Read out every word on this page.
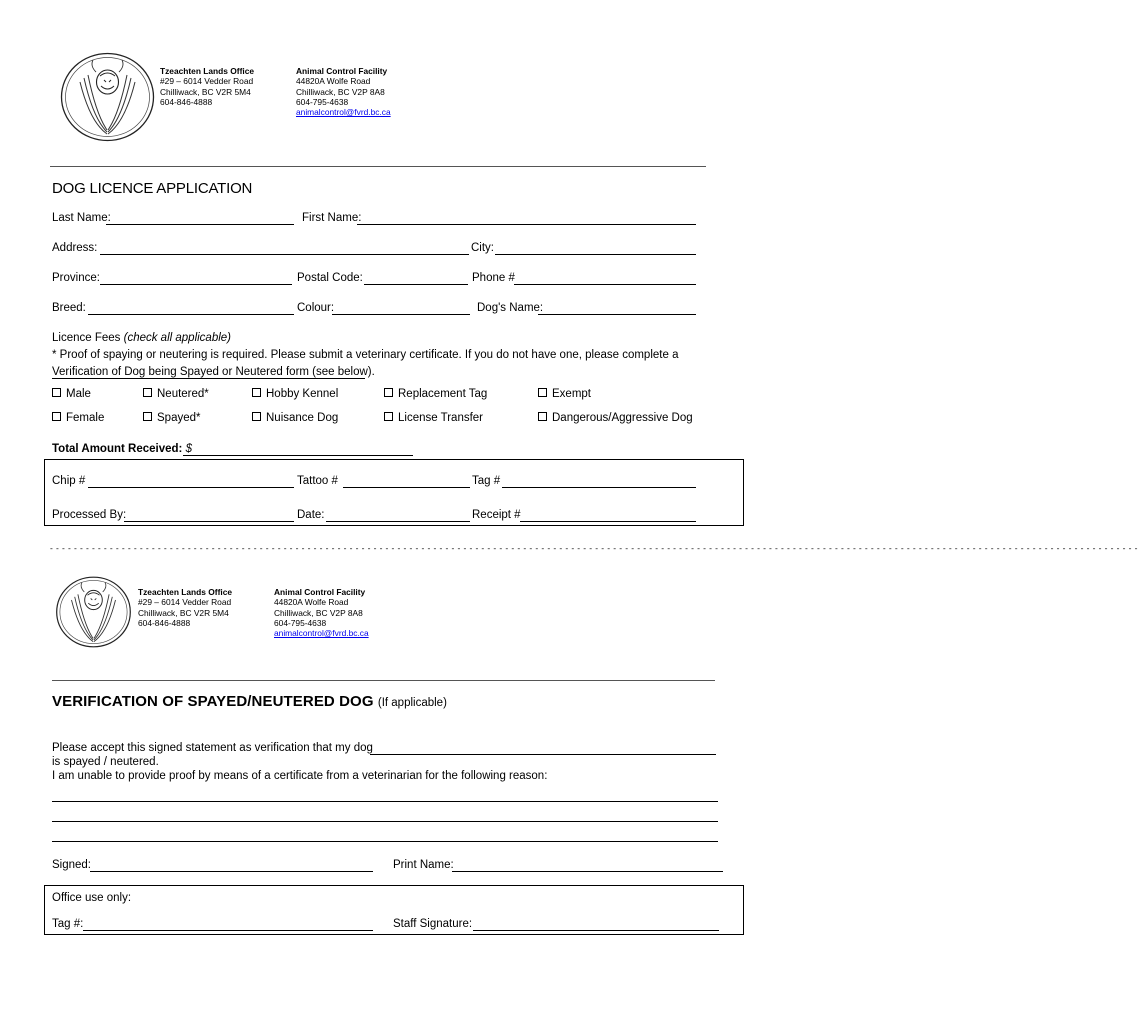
Tzeachten Lands Office
#29 – 6014 Vedder Road
Chilliwack, BC V2R 5M4
604-846-4888
Animal Control Facility
44820A Wolfe Road
Chilliwack, BC V2P 8A8
604-795-4638
animalcontrol@fvrd.bc.ca
DOG LICENCE APPLICATION
Last Name:	First Name:
Address:	City:
Province:	Postal Code:	Phone #
Breed:	Colour:	Dog's Name:
Licence Fees (check all applicable)
* Proof of spaying or neutering is required. Please submit a veterinary certificate. If you do not have one, please complete a
Verification of Dog being Spayed or Neutered form (see below).
Male	Neutered*	Hobby Kennel	Replacement Tag	Exempt
Female	Spayed*	Nuisance Dog	License Transfer	Dangerous/Aggressive Dog
Total Amount Received: $
Chip #	Tattoo #	Tag #
Processed By:	Date:	Receipt #
- - - - - - - - - - - - - - - - - - - - - - - - - - - - - - - - - - - - - - - - - - - - - - - - - - - - - - - - - - - - - - - - - - - - - - - - - - - - - - - - - - - - - - - - - - - - - - - - - - - - - - - - - - - - - - - - - - - - - - - - - - - - - - - - - - - - - - - - - - - - - - - - - - - - - - - - - - - - - - - - - - - - - - - - - - - - - - - - - - - - - -
Tzeachten Lands Office
#29 – 6014 Vedder Road
Chilliwack, BC V2R 5M4
604-846-4888
Animal Control Facility
44820A Wolfe Road
Chilliwack, BC V2P 8A8
604-795-4638
animalcontrol@fvrd.bc.ca
VERIFICATION OF SPAYED/NEUTERED DOG (If applicable)
Please accept this signed statement as verification that my dog
is spayed / neutered.
I am unable to provide proof by means of a certificate from a veterinarian for the following reason:
Signed:	Print Name:
Office use only:
Tag #:	Staff Signature:
